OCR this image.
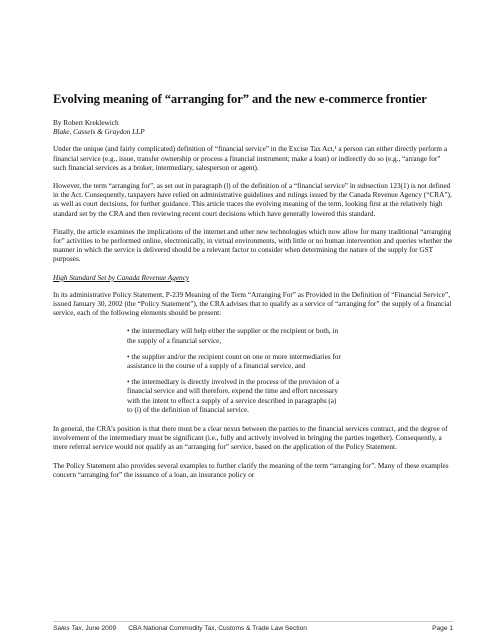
Evolving meaning of “arranging for” and the new e-commerce frontier

By Robert Kreklewich
Blake, Cassels & Graydon LLP

Under the unique (and fairly complicated) definition of “financial service” in the Excise Tax Act,¹ a person can either directly perform a financial service (e.g., issue, transfer ownership or process a financial instrument; make a loan) or indirectly do so (e.g., “arrange for” such financial services as a broker, intermediary, salesperson or agent).

However, the term “arranging for”, as set out in paragraph (l) of the definition of a “financial service” in subsection 123(1) is not defined in the Act. Consequently, taxpayers have relied on administrative guidelines and rulings issued by the Canada Revenue Agency (“CRA”), as well as court decisions, for further guidance. This article traces the evolving meaning of the term, looking first at the relatively high standard set by the CRA and then reviewing recent court decisions which have generally lowered this standard.

Finally, the article examines the implications of the internet and other new technologies which now allow for many traditional “arranging for” activities to be performed online, electronically, in virtual environments, with little or no human intervention and queries whether the manner in which the service is delivered should be a relevant factor to consider when determining the nature of the supply for GST purposes.

High Standard Set by Canada Revenue Agency

In its administrative Policy Statement, P-239 Meaning of the Term “Arranging For” as Provided in the Definition of “Financial Service”, issued January 30, 2002 (the “Policy Statement”), the CRA advises that to qualify as a service of “arranging for” the supply of a financial service, each of the following elements should be present:

• the intermediary will help either the supplier or the recipient or both, in the supply of a financial service,

• the supplier and/or the recipient count on one or more intermediaries for assistance in the course of a supply of a financial service, and

• the intermediary is directly involved in the process of the provision of a financial service and will therefore, expend the time and effort necessary with the intent to effect a supply of a service described in paragraphs (a) to (i) of the definition of financial service.

In general, the CRA’s position is that there must be a clear nexus between the parties to the financial services contract, and the degree of involvement of the intermediary must be significant (i.e., fully and actively involved in bringing the parties together). Consequently, a mere referral service would not qualify as an “arranging for” service, based on the application of the Policy Statement.

The Policy Statement also provides several examples to further clarify the meaning of the term “arranging for”. Many of these examples concern “arranging for” the issuance of a loan, an insurance policy or

Sales Tax, June 2009 CBA National Commodity Tax, Customs & Trade Law Section	Page 1
